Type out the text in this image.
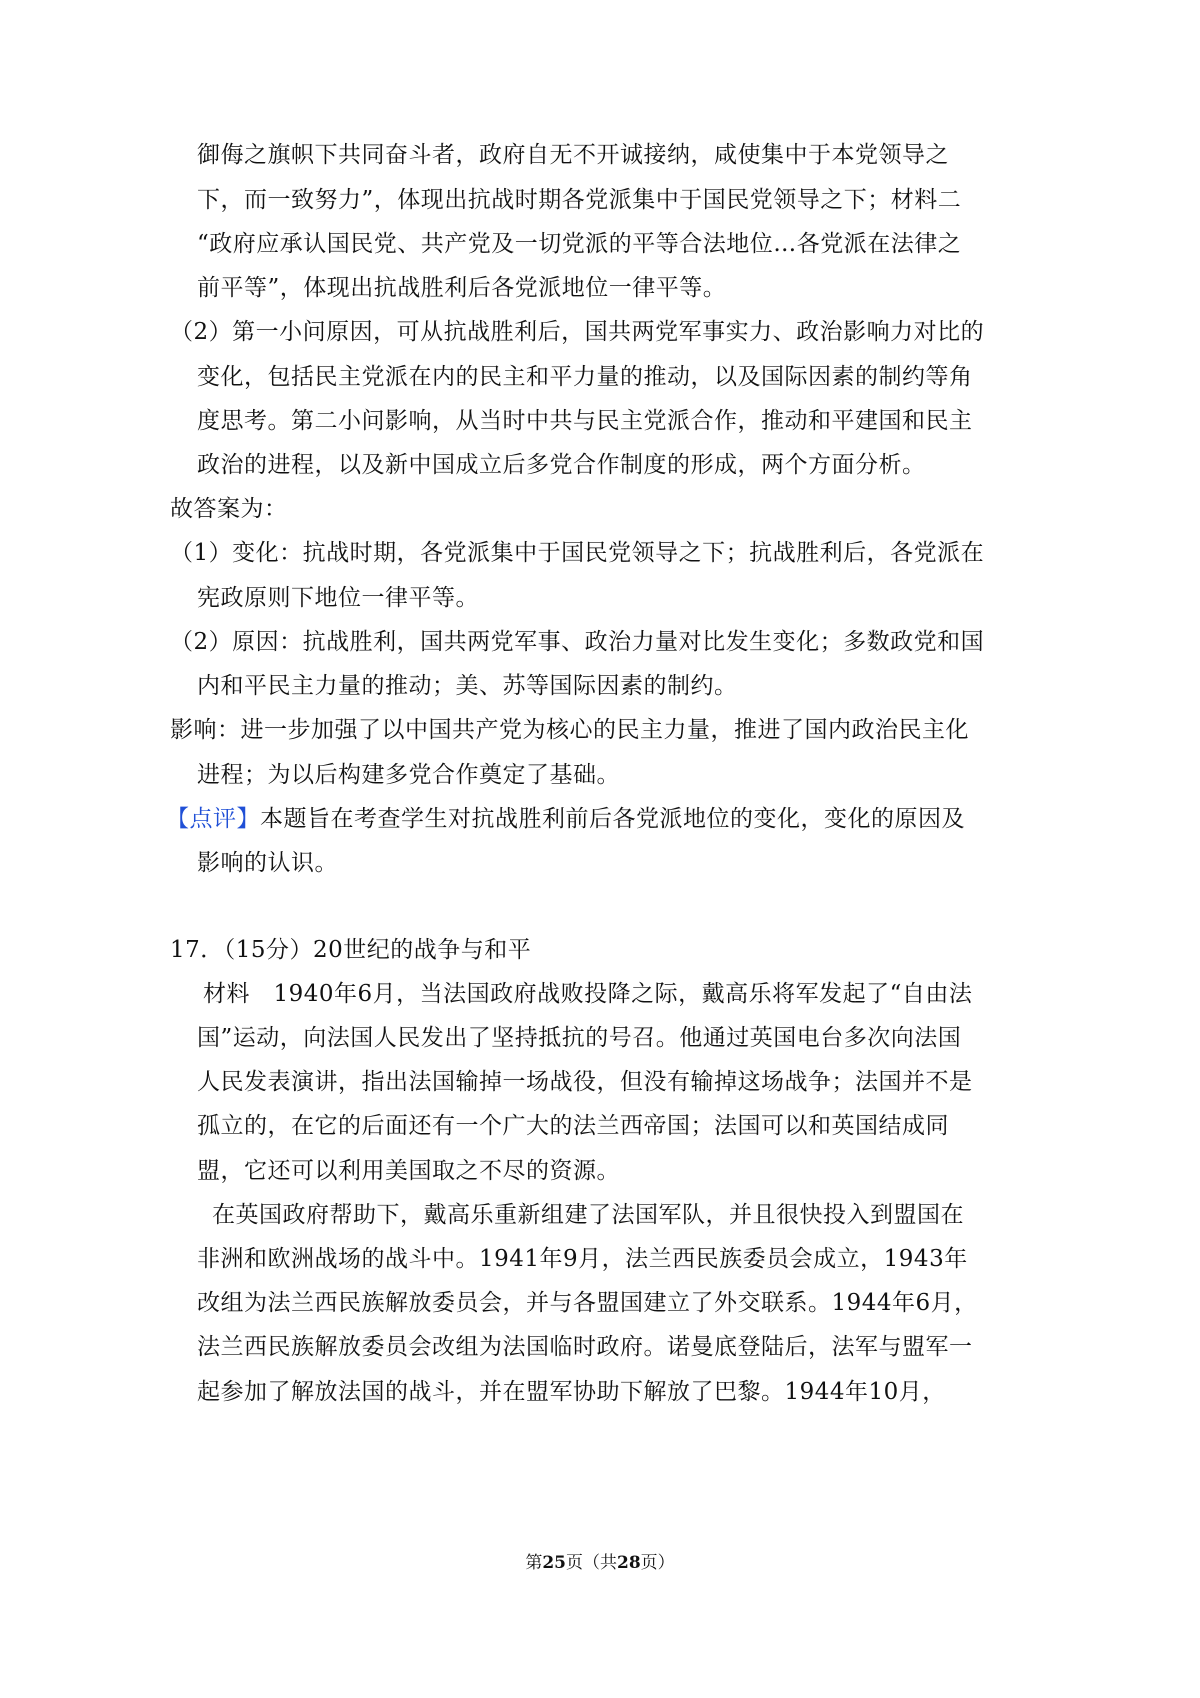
御侮之旗帜下共同奋斗者，政府自无不开诚接纳，咸使集中于本党领导之
下，而一致努力”，体现出抗战时期各党派集中于国民党领导之下；材料二
“政府应承认国民党、共产党及一切党派的平等合法地位…各党派在法律之
前平等”，体现出抗战胜利后各党派地位一律平等。
（2）第一小问原因，可从抗战胜利后，国共两党军事实力、政治影响力对比的
变化，包括民主党派在内的民主和平力量的推动，以及国际因素的制约等角
度思考。第二小问影响，从当时中共与民主党派合作，推动和平建国和民主
政治的进程，以及新中国成立后多党合作制度的形成，两个方面分析。
故答案为：
（1）变化：抗战时期，各党派集中于国民党领导之下；抗战胜利后，各党派在
宪政原则下地位一律平等。
（2）原因：抗战胜利，国共两党军事、政治力量对比发生变化；多数政党和国
内和平民主力量的推动；美、苏等国际因素的制约。
影响：进一步加强了以中国共产党为核心的民主力量，推进了国内政治民主化
进程；为以后构建多党合作奠定了基础。
【点评】本题旨在考查学生对抗战胜利前后各党派地位的变化，变化的原因及
影响的认识。
17．（15分）20世纪的战争与和平
材料　1940年6月，当法国政府战败投降之际，戴高乐将军发起了“自由法
国”运动，向法国人民发出了坚持抵抗的号召。他通过英国电台多次向法国
人民发表演讲，指出法国输掉一场战役，但没有输掉这场战争；法国并不是
孤立的，在它的后面还有一个广大的法兰西帝国；法国可以和英国结成同
盟，它还可以利用美国取之不尽的资源。
在英国政府帮助下，戴高乐重新组建了法国军队，并且很快投入到盟国在
非洲和欧洲战场的战斗中。1941年9月，法兰西民族委员会成立，1943年
改组为法兰西民族解放委员会，并与各盟国建立了外交联系。1944年6月，
法兰西民族解放委员会改组为法国临时政府。诺曼底登陆后，法军与盟军一
起参加了解放法国的战斗，并在盟军协助下解放了巴黎。1944年10月，
第25页（共28页）
